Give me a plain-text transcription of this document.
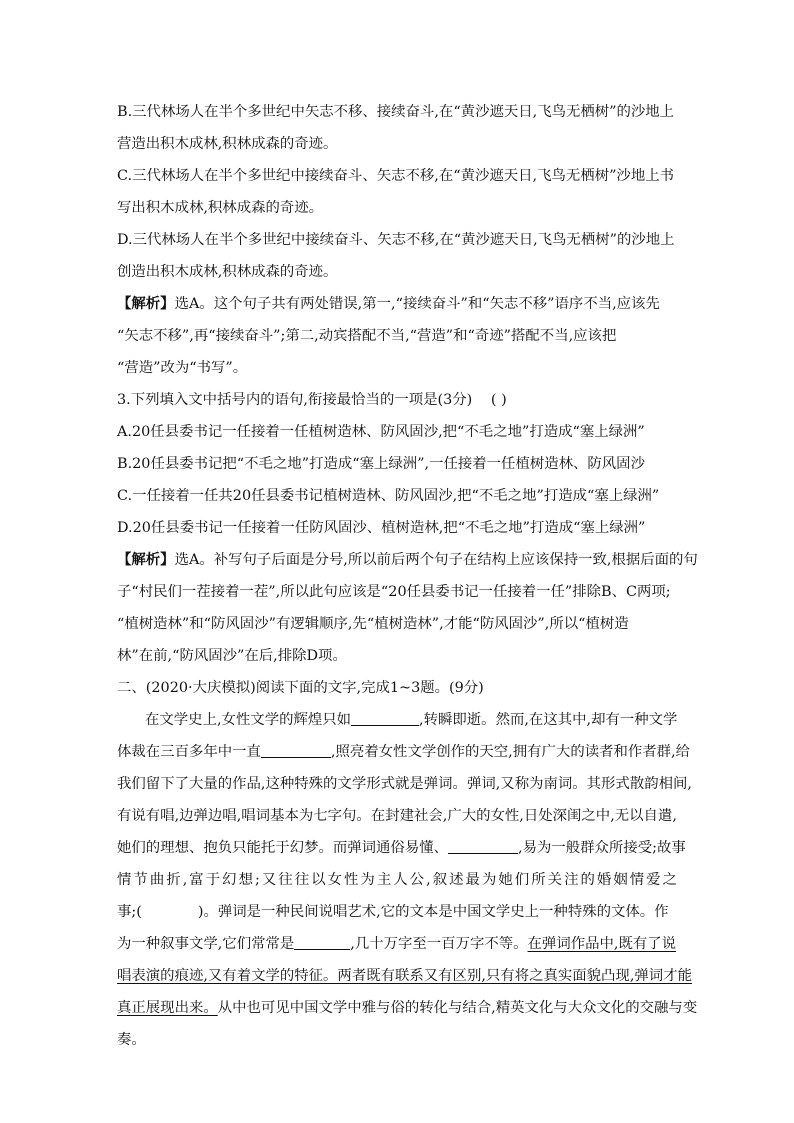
B.三代林场人在半个多世纪中矢志不移、接续奋斗,在“黄沙遮天日,飞鸟无栖树”的沙地上
营造出积木成林,积林成森的奇迹。
C.三代林场人在半个多世纪中接续奋斗、矢志不移,在“黄沙遮天日,飞鸟无栖树”沙地上书
写出积木成林,积林成森的奇迹。
D.三代林场人在半个多世纪中接续奋斗、矢志不移,在“黄沙遮天日,飞鸟无栖树”的沙地上
创造出积木成林,积林成森的奇迹。
【解析】选A。这个句子共有两处错误,第一,“接续奋斗”和“矢志不移”语序不当,应该先
“矢志不移”,再“接续奋斗”;第二,动宾搭配不当,“营造”和“奇迹”搭配不当,应该把
“营造”改为“书写”。
3.下列填入文中括号内的语句,衔接最恰当的一项是(3分) ( )
A.20任县委书记一任接着一任植树造林、防风固沙,把“不毛之地”打造成“塞上绿洲”
B.20任县委书记把“不毛之地”打造成“塞上绿洲”,一任接着一任植树造林、防风固沙
C.一任接着一任共20任县委书记植树造林、防风固沙,把“不毛之地”打造成“塞上绿洲”
D.20任县委书记一任接着一任防风固沙、植树造林,把“不毛之地”打造成“塞上绿洲”
【解析】选A。补写句子后面是分号,所以前后两个句子在结构上应该保持一致,根据后面的句
子“村民们一茬接着一茬”,所以此句应该是“20任县委书记一任接着一任”排除B、C两项;
“植树造林”和“防风固沙”有逻辑顺序,先“植树造林”,才能“防风固沙”,所以“植树造
林”在前,“防风固沙”在后,排除D项。
二、(2020·大庆模拟)阅读下面的文字,完成1~3题。(9分)
在文学史上,女性文学的辉煌只如	,转瞬即逝。然而,在这其中,却有一种文学
体裁在三百多年中一直	,照亮着女性文学创作的天空,拥有广大的读者和作者群,给
我们留下了大量的作品,这种特殊的文学形式就是弹词。弹词,又称为南词。其形式散韵相间,
有说有唱,边弹边唱,唱词基本为七字句。在封建社会,广大的女性,日处深闺之中,无以自遣,
她们的理想、抱负只能托于幻梦。而弹词通俗易懂、	,易为一般群众所接受;故事
情节曲折,富于幻想;又往往以女性为主人公,叙述最为她们所关注的婚姻情爱之
事;(	)。弹词是一种民间说唱艺术,它的文本是中国文学史上一种特殊的文体。作
为一种叙事文学,它们常常是	,几十万字至一百万字不等。在弹词作品中,既有了说
唱表演的痕迹,又有着文学的特征。两者既有联系又有区别,只有将之真实面貌凸现,弹词才能
真正展现出来。从中也可见中国文学中雅与俗的转化与结合,精英文化与大众文化的交融与变
奏。
